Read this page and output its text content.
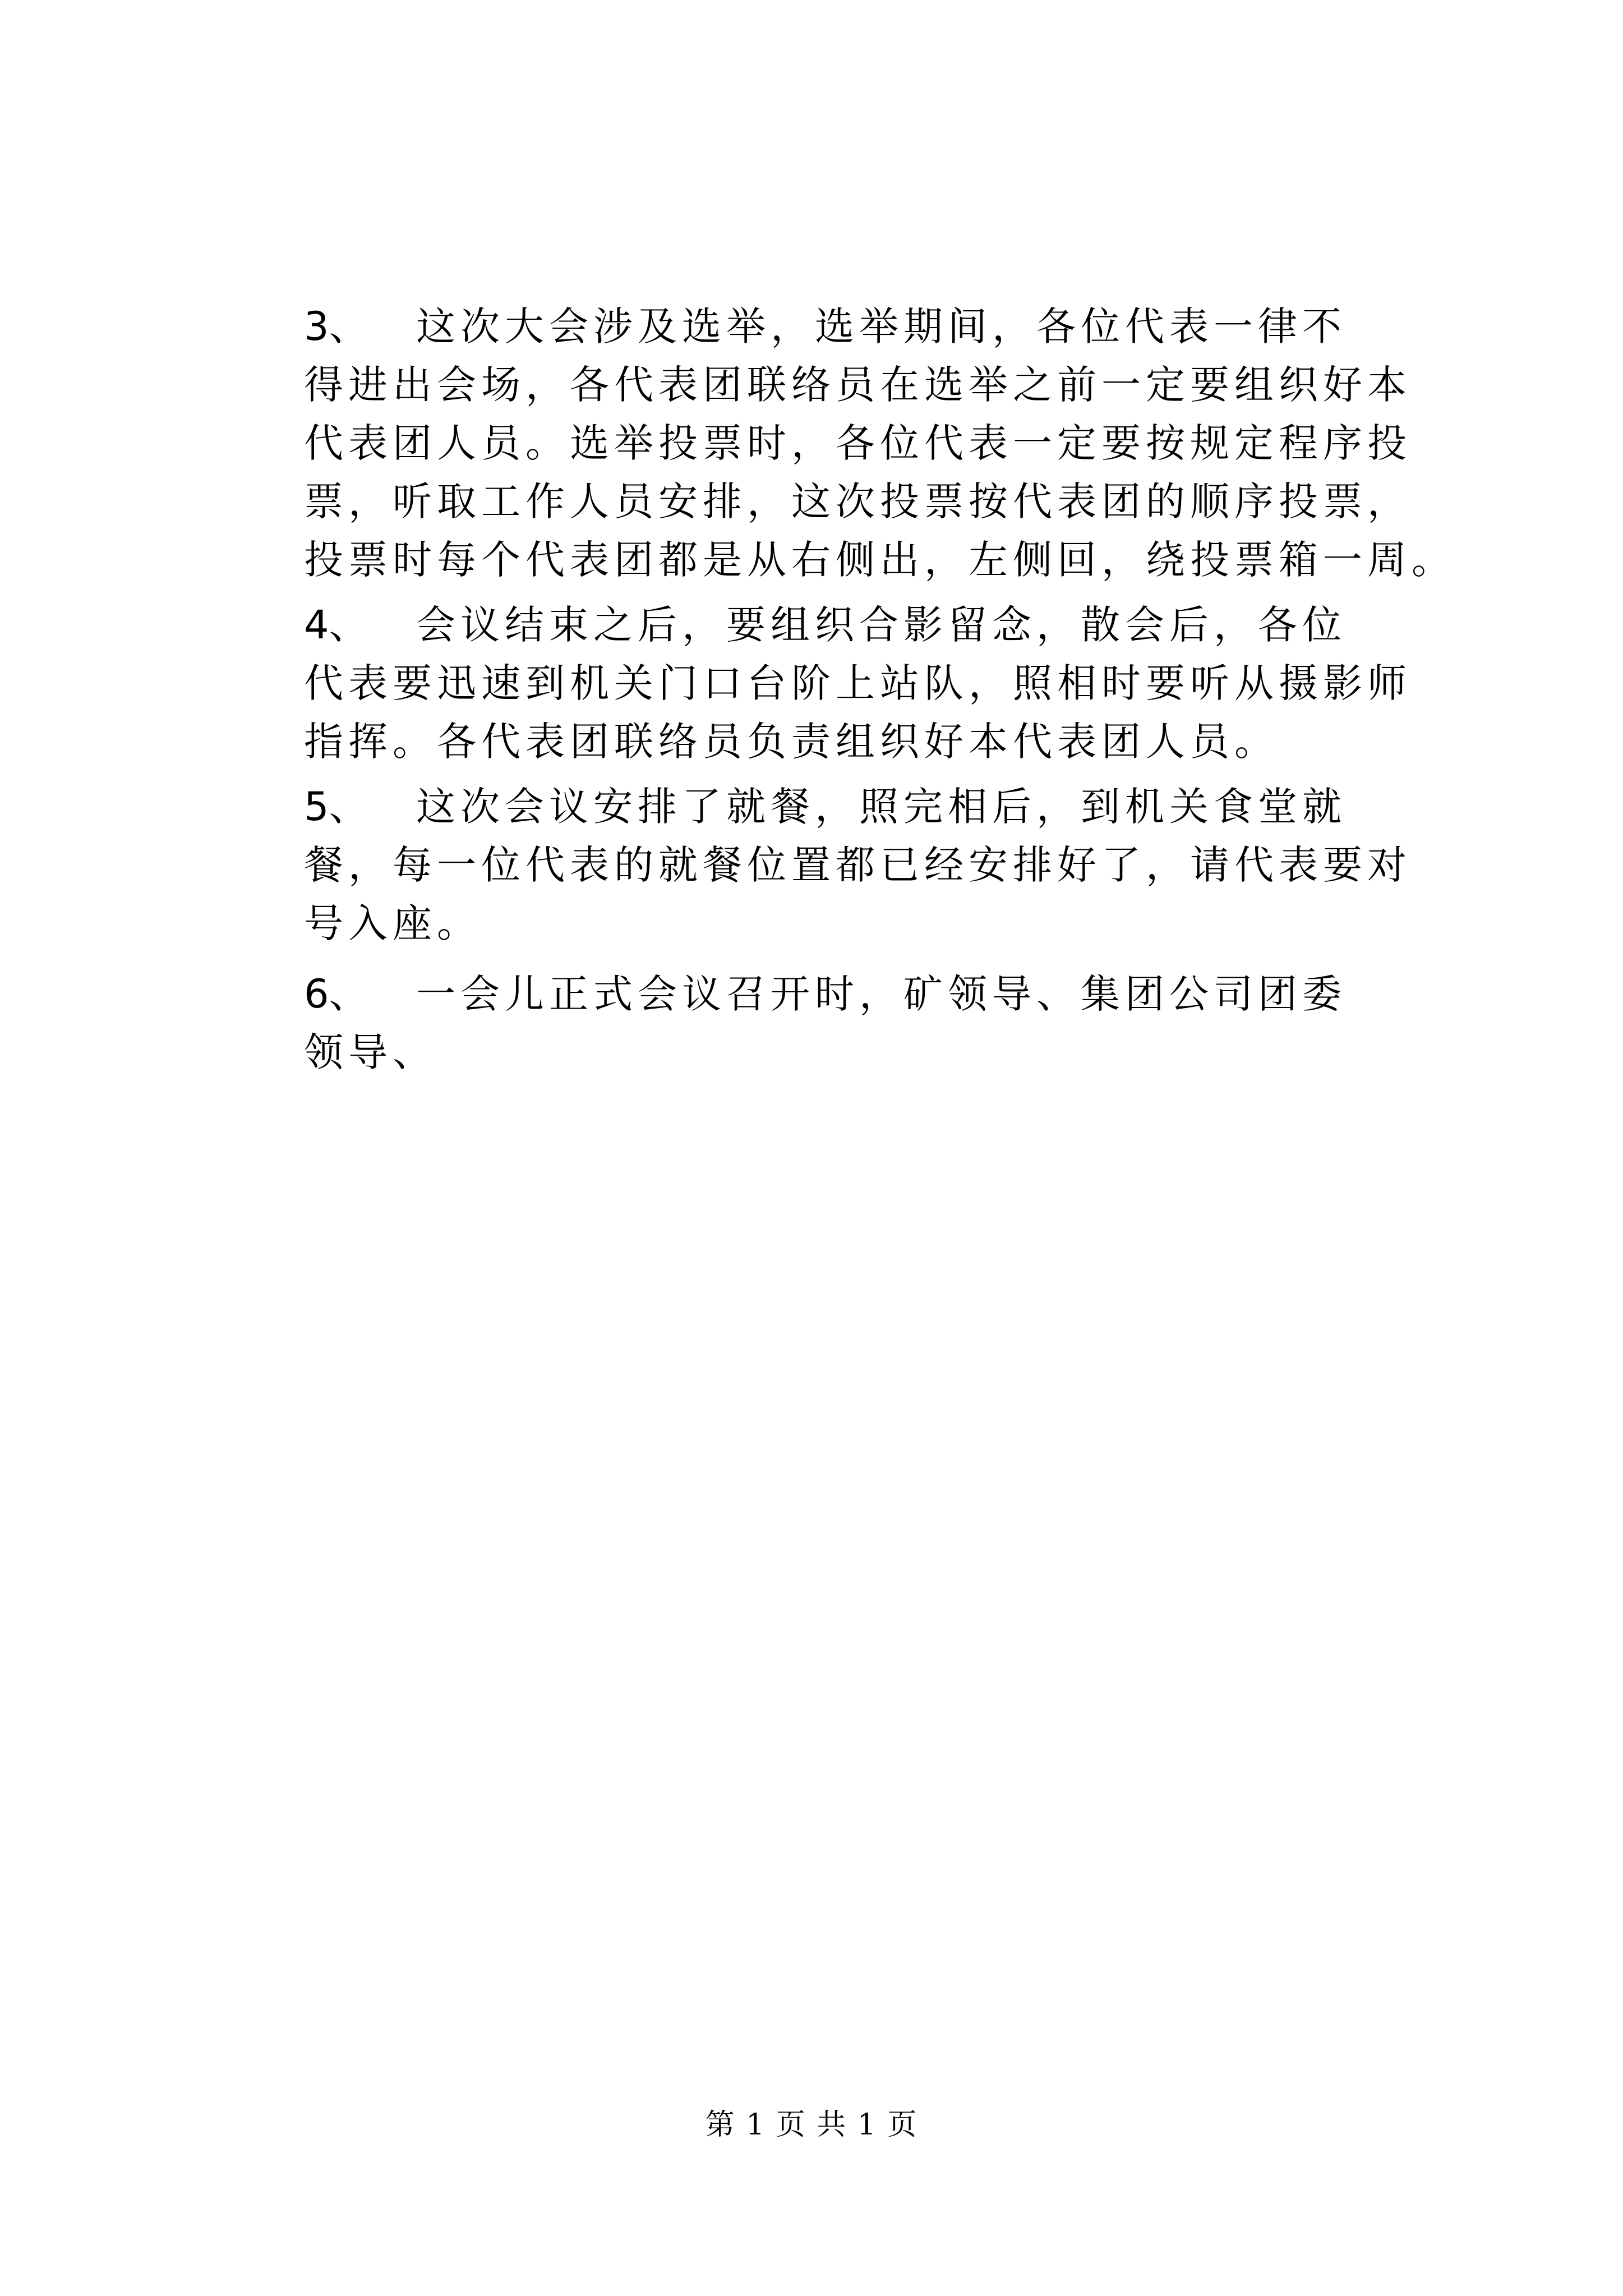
3、 这次大会涉及选举，选举期间，各位代表一律不
得进出会场，各代表团联络员在选举之前一定要组织好本
代表团人员。选举投票时，各位代表一定要按规定程序投
票，听取工作人员安排，这次投票按代表团的顺序投票，
投票时每个代表团都是从右侧出，左侧回，绕投票箱一周。
4、 会议结束之后，要组织合影留念，散会后，各位
代表要迅速到机关门口台阶上站队，照相时要听从摄影师
指挥。各代表团联络员负责组织好本代表团人员。
5、 这次会议安排了就餐，照完相后，到机关食堂就
餐，每一位代表的就餐位置都已经安排好了，请代表要对
号入座。
6、 一会儿正式会议召开时，矿领导、集团公司团委
领导、
第 1 页 共 1 页
